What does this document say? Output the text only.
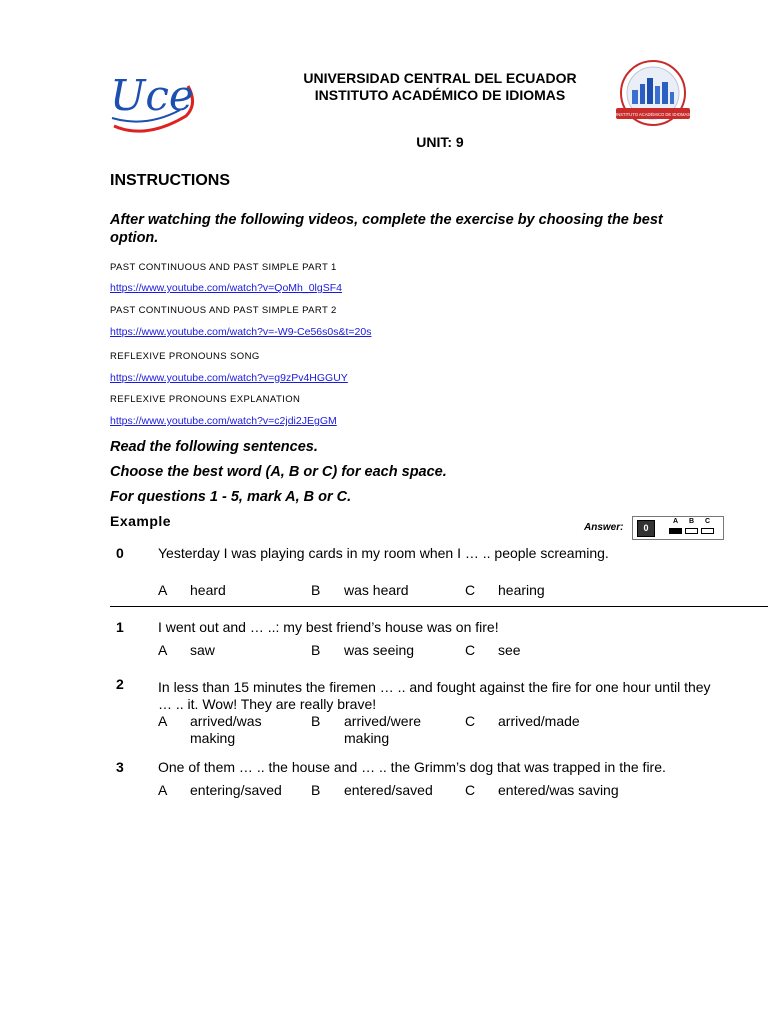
Uce	UNIVERSIDAD CENTRAL DEL ECUADOR
INSTITUTO ACADÉMICO DE IDIOMAS
UNIT: 9
INSTITUTO ACADÉMICO DE IDIOMAS
INSTRUCTIONS
After watching the following videos, complete the exercise by choosing the best option.
PAST CONTINUOUS AND PAST SIMPLE PART 1
https://www.youtube.com/watch?v=QoMh_0lgSF4
PAST CONTINUOUS AND PAST SIMPLE PART 2
https://www.youtube.com/watch?v=-W9-Ce56s0s&t=20s
REFLEXIVE PRONOUNS SONG
https://www.youtube.com/watch?v=g9zPv4HGGUY
REFLEXIVE PRONOUNS EXPLANATION
https://www.youtube.com/watch?v=c2jdi2JEgGM
Read the following sentences.
Choose the best word (A, B or C) for each space.
For questions 1 - 5, mark A, B or C.
Example	Answer:	0
A B C
0 Yesterday I was playing cards in my room when I … .. people screaming.
A heard	B was heard	C hearing
1 I went out and … ..: my best friend’s house was on fire!
A saw	B was seeing	C see
2 In less than 15 minutes the firemen … .. and fought against the fire for one hour until they … .. it. Wow! They are really brave!
A arrived/was making
B arrived/were making
C arrived/made
3 One of them … .. the house and … .. the Grimm’s dog that was trapped in the fire.
A entering/saved B entered/saved C entered/was saving
